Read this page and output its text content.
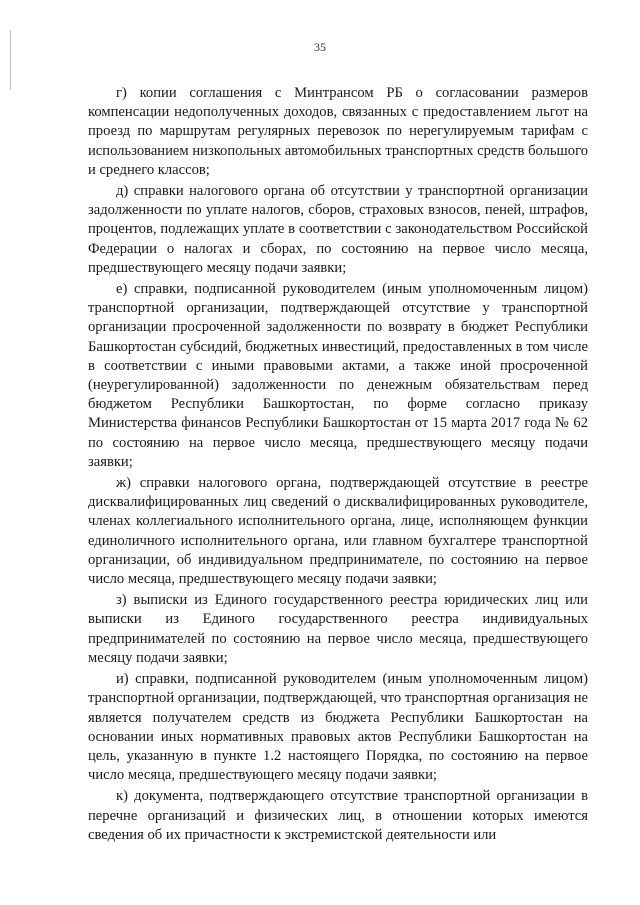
35

г) копии соглашения с Минтрансом РБ о согласовании размеров компенсации недополученных доходов, связанных с предоставлением льгот на проезд по маршрутам регулярных перевозок по нерегулируемым тарифам с использованием низкопольных автомобильных транспортных средств большого и среднего классов;

д) справки налогового органа об отсутствии у транспортной организации задолженности по уплате налогов, сборов, страховых взносов, пеней, штрафов, процентов, подлежащих уплате в соответствии с законодательством Российской Федерации о налогах и сборах, по состоянию на первое число месяца, предшествующего месяцу подачи заявки;

е) справки, подписанной руководителем (иным уполномоченным лицом) транспортной организации, подтверждающей отсутствие у транспортной организации просроченной задолженности по возврату в бюджет Республики Башкортостан субсидий, бюджетных инвестиций, предоставленных в том числе в соответствии с иными правовыми актами, а также иной просроченной (неурегулированной) задолженности по денежным обязательствам перед бюджетом Республики Башкортостан, по форме согласно приказу Министерства финансов Республики Башкортостан от 15 марта 2017 года № 62 по состоянию на первое число месяца, предшествующего месяцу подачи заявки;

ж) справки налогового органа, подтверждающей отсутствие в реестре дисквалифицированных лиц сведений о дисквалифицированных руководителе, членах коллегиального исполнительного органа, лице, исполняющем функции единоличного исполнительного органа, или главном бухгалтере транспортной организации, об индивидуальном предпринимателе, по состоянию на первое число месяца, предшествующего месяцу подачи заявки;

з) выписки из Единого государственного реестра юридических лиц или выписки из Единого государственного реестра индивидуальных предпринимателей по состоянию на первое число месяца, предшествующего месяцу подачи заявки;

и) справки, подписанной руководителем (иным уполномоченным лицом) транспортной организации, подтверждающей, что транспортная организация не является получателем средств из бюджета Республики Башкортостан на основании иных нормативных правовых актов Республики Башкортостан на цель, указанную в пункте 1.2 настоящего Порядка, по состоянию на первое число месяца, предшествующего месяцу подачи заявки;

к) документа, подтверждающего отсутствие транспортной организации в перечне организаций и физических лиц, в отношении которых имеются сведения об их причастности к экстремистской деятельности или
